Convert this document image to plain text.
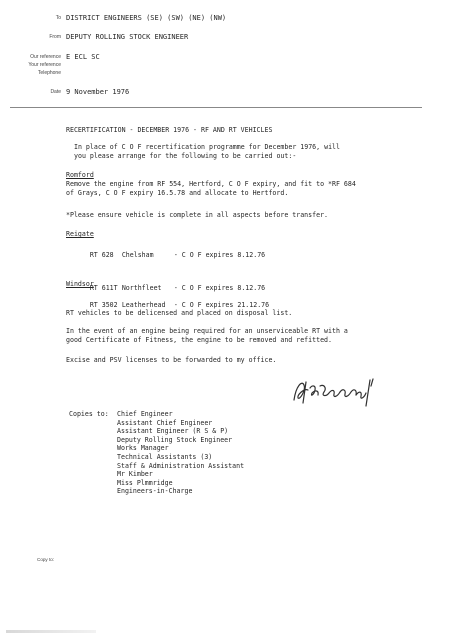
To DISTRICT ENGINEERS (SE) (SW) (NE) (NW)
From DEPUTY ROLLING STOCK ENGINEER
Our reference E ECL SC
Your reference
Telephone
Date 9 November 1976
RECERTIFICATION - DECEMBER 1976 - RF AND RT VEHICLES

In place of C O F recertification programme for December 1976, will

you please arrange for the following to be carried out:-

Romford

Remove the engine from RF 554, Hertford, C O F expiry, and fit to *RF 684

of Grays, C O F expiry 16.5.78 and allocate to Hertford.

*Please ensure vehicle is complete in all aspects before transfer.

Reigate

RT 628 Chelsham	- C O F expires 8.12.76

RT 611T Northfleet - C O F expires 8.12.76

Windsor

RT 3502 Leatherhead - C O F expires 21.12.76

RT vehicles to be delicensed and placed on disposal list.

In the event of an engine being required for an unserviceable RT with a

good Certificate of Fitness, the engine to be removed and refitted.

Excise and PSV licenses to be forwarded to my office.

Copies to: Chief Engineer
Assistant Chief Engineer
Assistant Engineer (R S & P)
Deputy Rolling Stock Engineer
Works Manager
Technical Assistants (3)
Staff & Administration Assistant
Mr Kimber
Miss Plmmridge
Engineers-in-Charge
Copy to:
